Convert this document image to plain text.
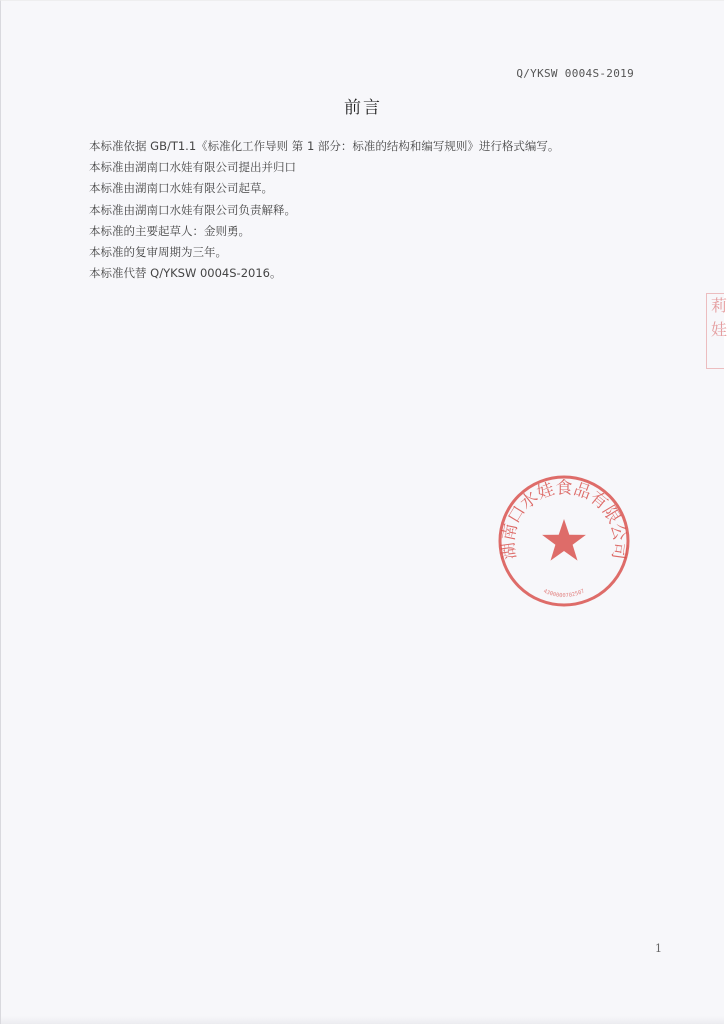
Q/YKSW 0004S-2019
前言
本标准依据 GB/T1.1《标准化工作导则 第 1 部分：标准的结构和编写规则》进行格式编写。
本标准由湖南口水娃有限公司提出并归口
本标准由湖南口水娃有限公司起草。
本标准由湖南口水娃有限公司负责解释。
本标准的主要起草人：金则勇。
本标准的复审周期为三年。
本标准代替 Q/YKSW 0004S-2016。
莉
娃
湖南口水娃食品有限公司
4300000702507
1
